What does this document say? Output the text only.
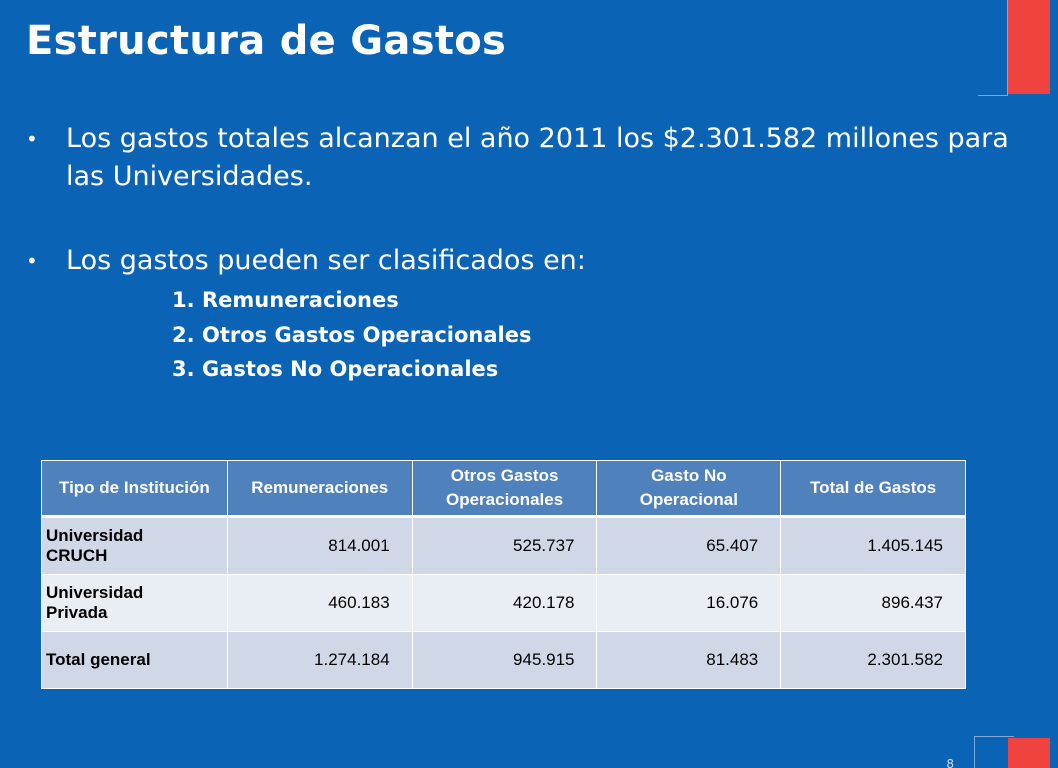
8
Estructura de Gastos
•	Los gastos totales alcanzan el año 2011 los $2.301.582 millones para las Universidades.
•	Los gastos pueden ser clasificados en:
1. Remuneraciones
2. Otros Gastos Operacionales
3. Gastos No Operacionales
Tipo de Institución	Remuneraciones	Otros Gastos Operacionales	Gasto No Operacional	Total de Gastos
Universidad CRUCH	814.001	525.737	65.407	1.405.145
Universidad Privada	460.183	420.178	16.076	896.437
Total general	1.274.184	945.915	81.483	2.301.582
